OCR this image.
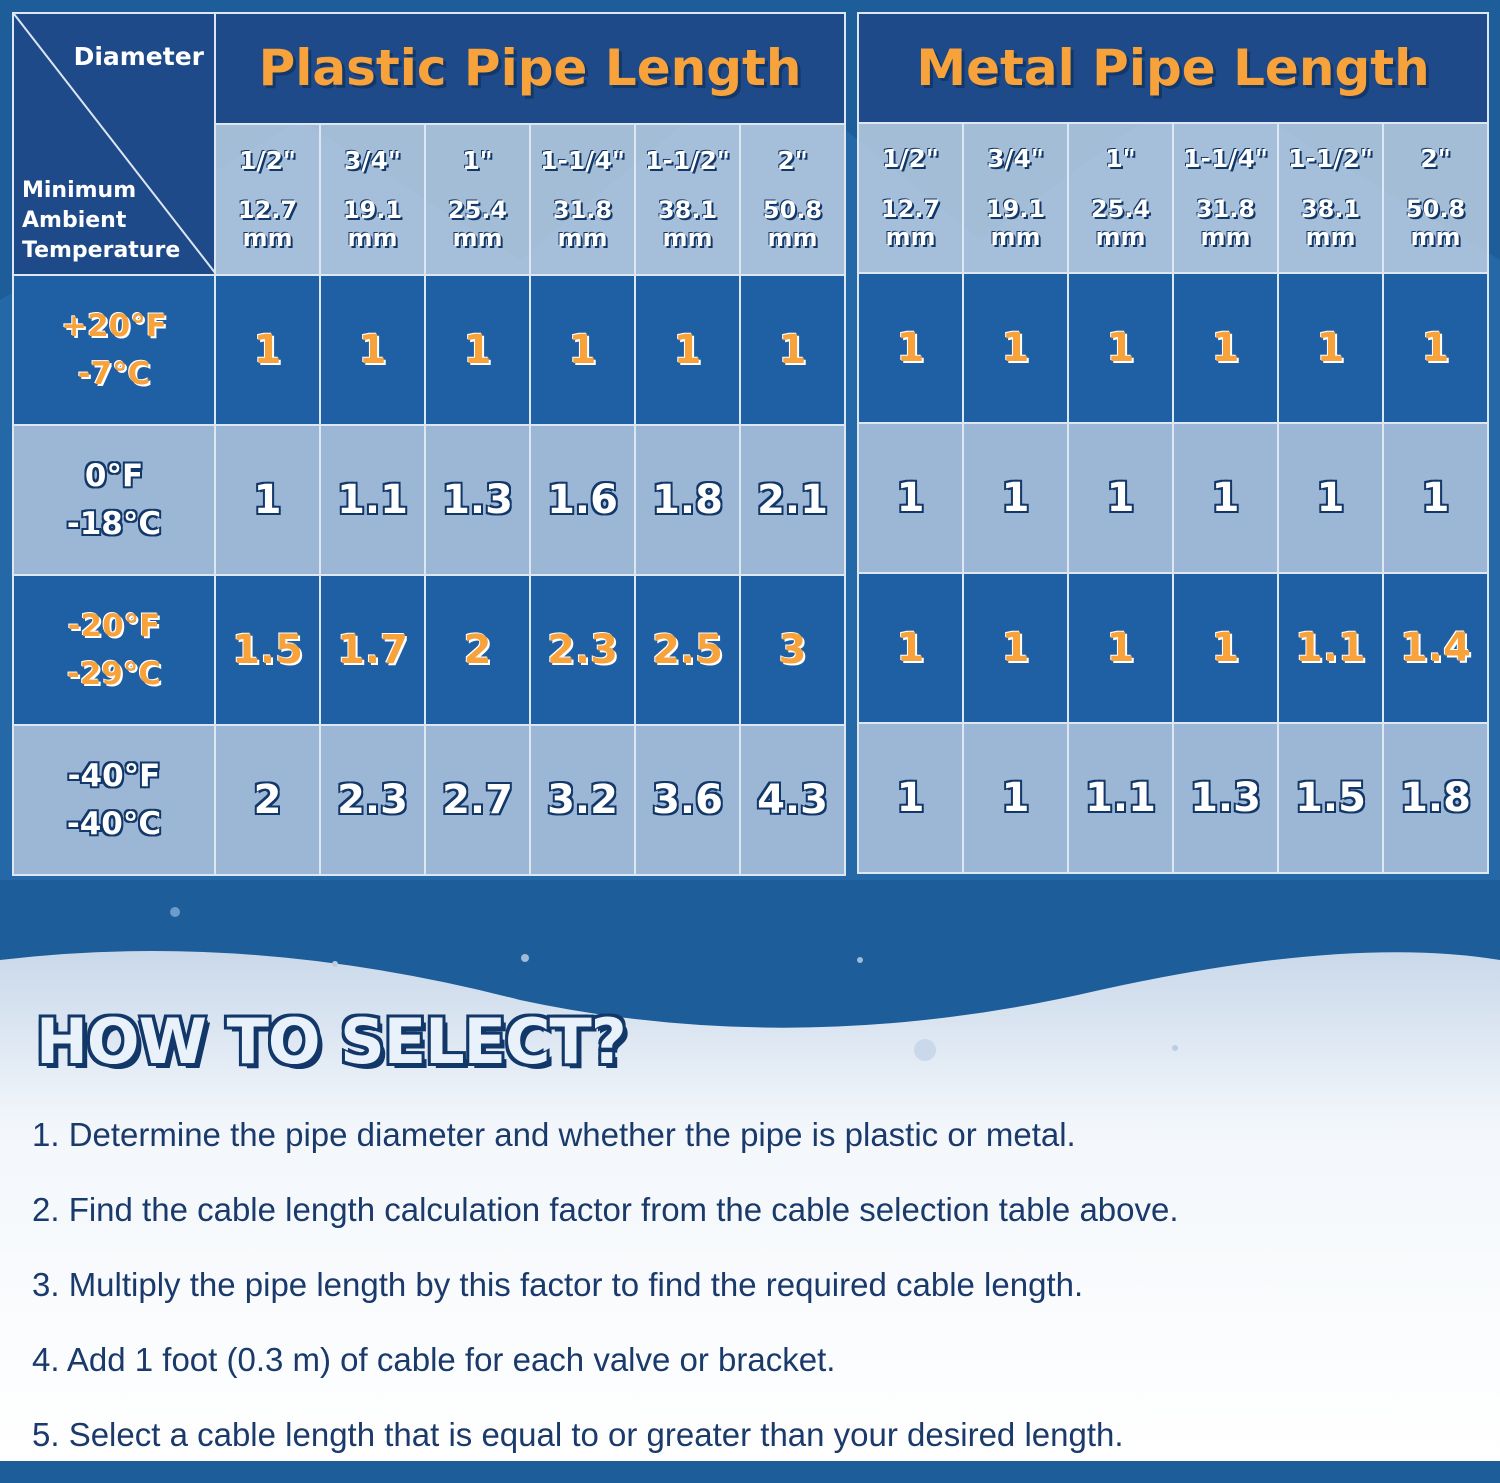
Diameter
Minimum
Ambient
Temperature	Plastic Pipe Length					

	1/2"
12.7
mm	3/4"
19.1
mm	1"
25.4
mm	1-1/4"
31.8
mm	1-1/2"
38.1
mm	2"
50.8
mm

+20°F
-7°C	1	1	1	1	1	1

0°F
-18°C	1	1.1	1.3	1.6	1.8	2.1

-20°F
-29°C	1.5	1.7	2	2.3	2.5	3

-40°F
-40°C	2	2.3	2.7	3.2	3.6	4.3
Metal Pipe Length					

1/2"
12.7
mm	3/4"
19.1
mm	1"
25.4
mm	1-1/4"
31.8
mm	1-1/2"
38.1
mm	2"
50.8
mm

1	1	1	1	1	1
1	1	1	1	1	1
1	1	1	1	1.1	1.4
1	1	1.1	1.3	1.5	1.8
HOW TO SELECT?
1. Determine the pipe diameter and whether the pipe is plastic or metal.
2. Find the cable length calculation factor from the cable selection table above.
3. Multiply the pipe length by this factor to find the required cable length.
4. Add 1 foot (0.3 m) of cable for each valve or bracket.
5. Select a cable length that is equal to or greater than your desired length.
